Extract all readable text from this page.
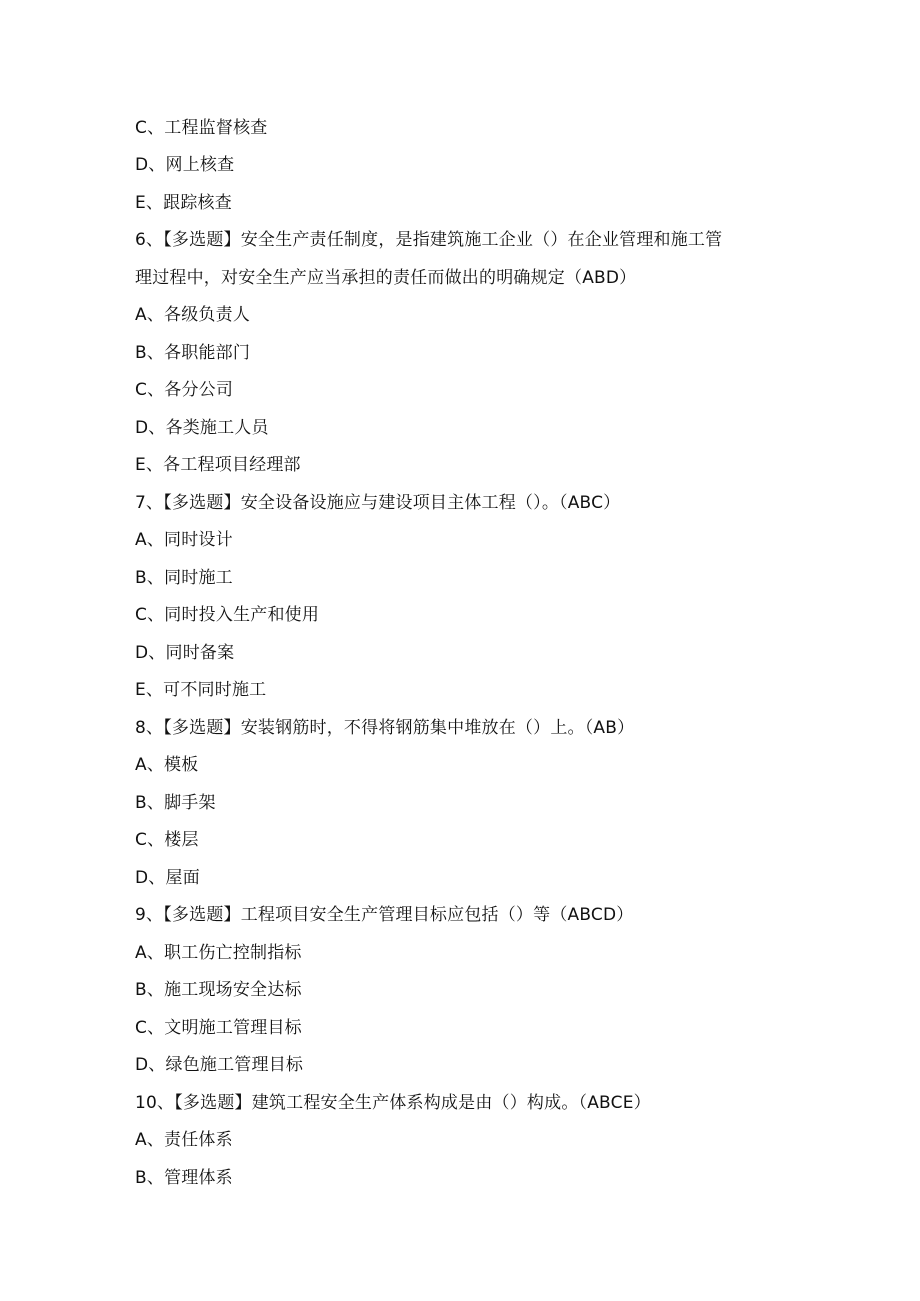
C、工程监督核查
D、网上核查
E、跟踪核查
6、【多选题】安全生产责任制度，是指建筑施工企业（）在企业管理和施工管
理过程中，对安全生产应当承担的责任而做出的明确规定（ABD）
A、各级负责人
B、各职能部门
C、各分公司
D、各类施工人员
E、各工程项目经理部
7、【多选题】安全设备设施应与建设项目主体工程（）。（ABC）
A、同时设计
B、同时施工
C、同时投入生产和使用
D、同时备案
E、可不同时施工
8、【多选题】安装钢筋时，不得将钢筋集中堆放在（）上。（AB）
A、模板
B、脚手架
C、楼层
D、屋面
9、【多选题】工程项目安全生产管理目标应包括（）等（ABCD）
A、职工伤亡控制指标
B、施工现场安全达标
C、文明施工管理目标
D、绿色施工管理目标
10、【多选题】建筑工程安全生产体系构成是由（）构成。（ABCE）
A、责任体系
B、管理体系
